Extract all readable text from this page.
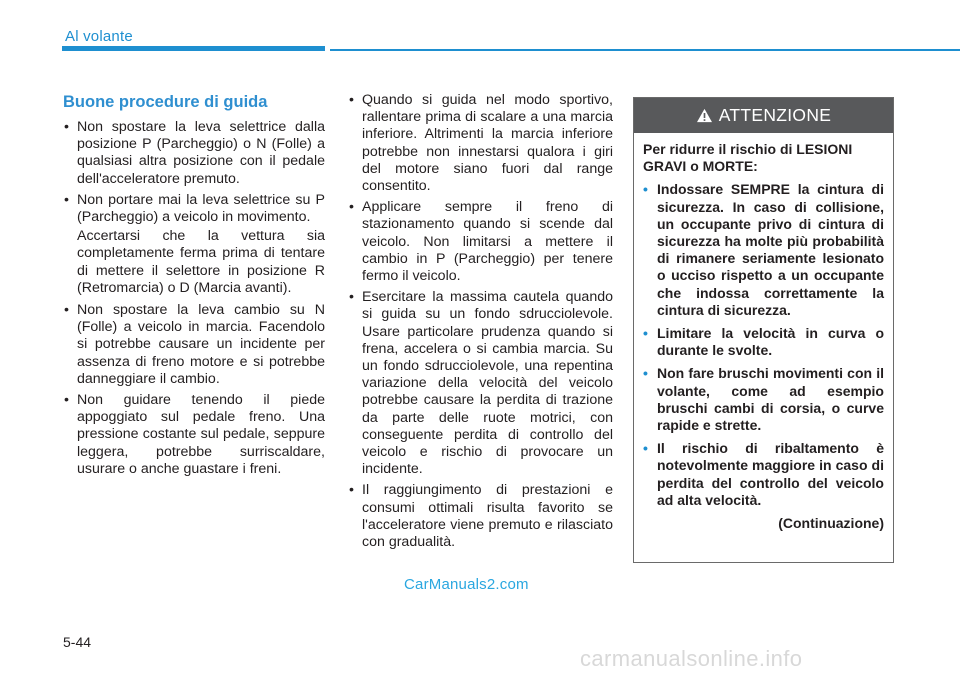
Al volante
Buone procedure di guida
• Non spostare la leva selettrice dalla posizione P (Parcheggio) o N (Folle) a qualsiasi altra posizione con il pedale dell'acceleratore premuto.
• Non portare mai la leva selettrice su P (Parcheggio) a veicolo in movimento.
Accertarsi che la vettura sia completamente ferma prima di tentare di mettere il selettore in posizione R (Retromarcia) o D (Marcia avanti).
• Non spostare la leva cambio su N (Folle) a veicolo in marcia. Facendolo si potrebbe causare un incidente per assenza di freno motore e si potrebbe danneggiare il cambio.
• Non guidare tenendo il piede appoggiato sul pedale freno. Una pressione costante sul pedale, seppure leggera, potrebbe surriscaldare, usurare o anche guastare i freni.
• Quando si guida nel modo sportivo, rallentare prima di scalare a una marcia inferiore. Altrimenti la marcia inferiore potrebbe non innestarsi qualora i giri del motore siano fuori dal range consentito.
• Applicare sempre il freno di stazionamento quando si scende dal veicolo. Non limitarsi a mettere il cambio in P (Parcheggio) per tenere fermo il veicolo.
• Esercitare la massima cautela quando si guida su un fondo sdrucciolevole. Usare particolare prudenza quando si frena, accelera o si cambia marcia. Su un fondo sdrucciolevole, una repentina variazione della velocità del veicolo potrebbe causare la perdita di trazione da parte delle ruote motrici, con conseguente perdita di controllo del veicolo e rischio di provocare un incidente.
• Il raggiungimento di prestazioni e consumi ottimali risulta favorito se l'acceleratore viene premuto e rilasciato con gradualità.
ATTENZIONE
Per ridurre il rischio di LESIONI GRAVI o MORTE:
• Indossare SEMPRE la cintura di sicurezza. In caso di collisione, un occupante privo di cintura di sicurezza ha molte più probabilità di rimanere seriamente lesionato o ucciso rispetto a un occupante che indossa correttamente la cintura di sicurezza.
• Limitare la velocità in curva o durante le svolte.
• Non fare bruschi movimenti con il volante, come ad esempio bruschi cambi di corsia, o curve rapide e strette.
• Il rischio di ribaltamento è notevolmente maggiore in caso di perdita del controllo del veicolo ad alta velocità.
(Continuazione)
CarManuals2.com
5-44
carmanualsonline.info
